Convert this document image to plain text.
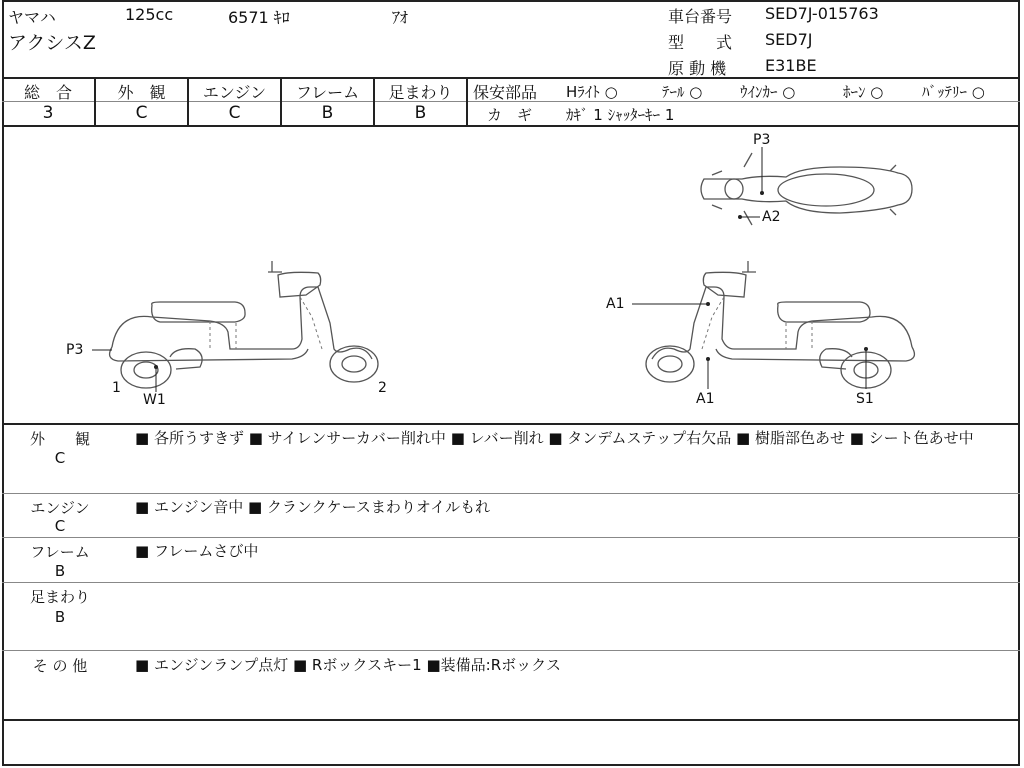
ヤマハ	125cc	6571 ｷﾛ	ｱｵ
アクシスZ
車台番号 SED7J-015763
型　　式 SED7J
原 動 機 E31BE
総　合	外　観	エンジン	フレーム	足まわり
3	C	C	B	B
保安部品 Hﾗｲﾄ ○	ﾃｰﾙ ○	ｳｲﾝｶｰ ○	ﾎｰﾝ ○	ﾊﾞｯﾃﾘｰ ○
カ　ギ ｶｷﾞ 1 ｼｬｯﾀｰｷｰ 1
P3
1
W1
2
P3
A2
A1
A1	S1
外　　観
C
■ 各所うすきず ■ サイレンサーカバー削れ中 ■ レバー削れ ■ タンデムステップ右欠品 ■ 樹脂部色あせ ■ シート色あせ中
エンジン
C
■ エンジン音中 ■ クランクケースまわりオイルもれ
フレーム
B
■ フレームさび中
足まわり
B
そ の 他	■ エンジンランプ点灯 ■ Rボックスキー1 ■装備品:Rボックス
